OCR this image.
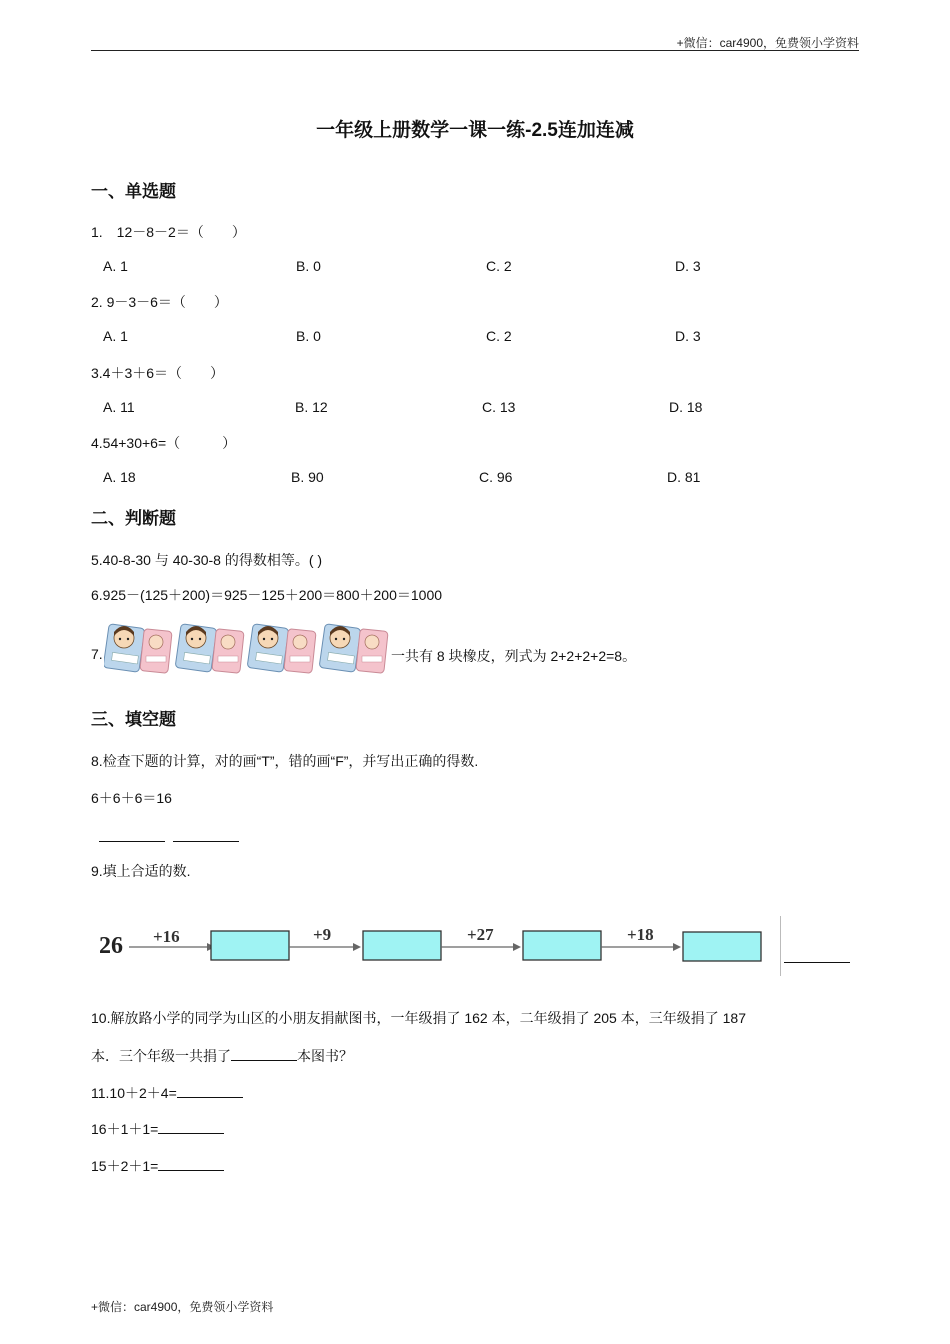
+微信：car4900，免费领小学资料
一年级上册数学一课一练-2.5连加连减
一、单选题
1.　12－8－2＝（　　）
A. 1	B. 0	C. 2	D. 3
2. 9－3－6＝（　　）
A. 1	B. 0	C. 2	D. 3
3.4＋3＋6＝（　　）
A. 11	B. 12	C. 13	D. 18
4.54+30+6=（　　　）
A. 18	B. 90	C. 96	D. 81
二、判断题
5.40-8-30 与 40-30-8 的得数相等。( )
6.925－(125＋200)＝925－125＋200＝800＋200＝1000
7.	一共有 8 块橡皮，列式为 2+2+2+2=8。
三、填空题
8.检查下题的计算，对的画“T”，错的画“F”，并写出正确的得数.
6＋6＋6＝16
9.填上合适的数.
26 +16	+9	+27	+18
10.解放路小学的同学为山区的小朋友捐献图书，一年级捐了 162 本，二年级捐了 205 本，三年级捐了 187
本．三个年级一共捐了	本图书？
11.10＋2＋4=
16＋1＋1=
15＋2＋1=
+微信：car4900，免费领小学资料
